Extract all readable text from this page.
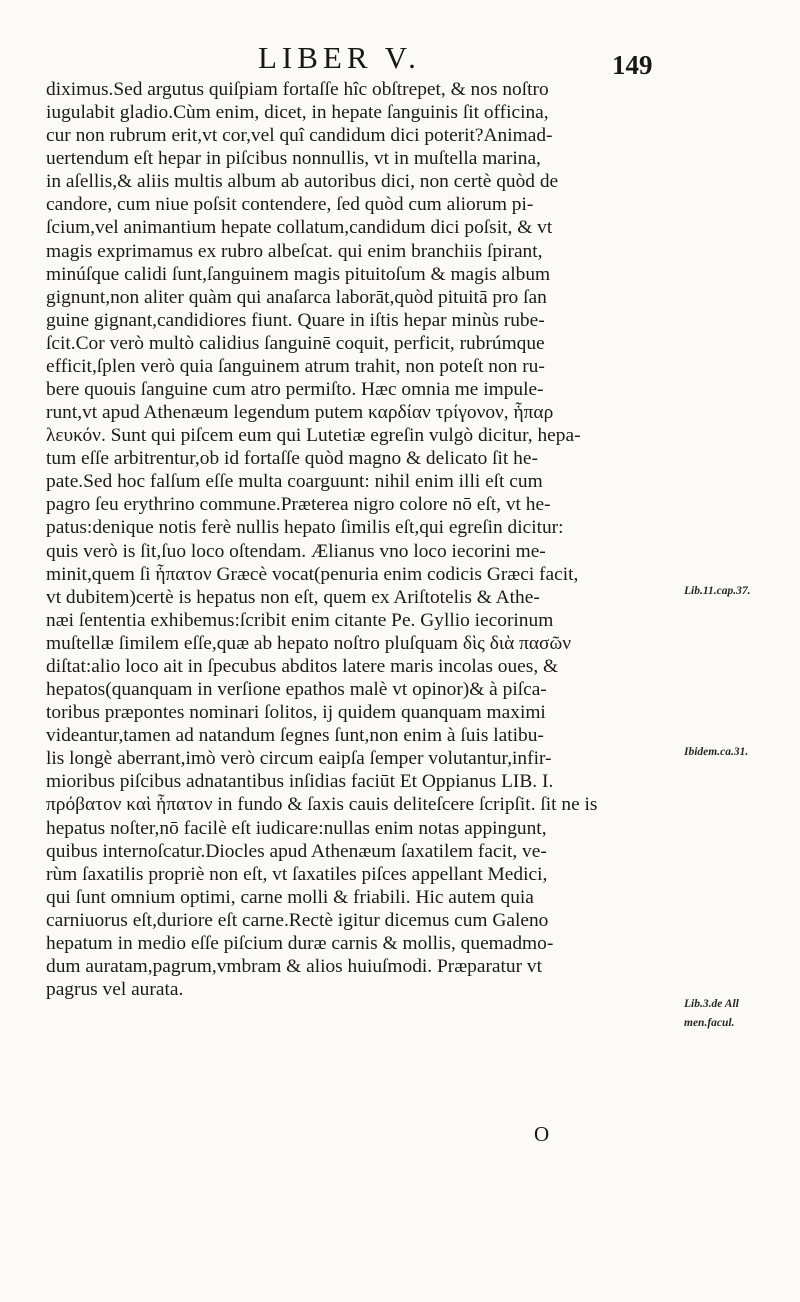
LIBER V.	149
diximus.Sed argutus quiſpiam fortaſſe hîc obſtrepet, & nos noſtro
iugulabit gladio.Cùm enim, dicet, in hepate ſanguinis ſit officina,
cur non rubrum erit,vt cor,vel quî candidum dici poterit?Animad-
uertendum eſt hepar in piſcibus nonnullis, vt in muſtella marina,
in aſellis,& aliis multis album ab autoribus dici, non certè quòd de
candore, cum niue poſsit contendere, ſed quòd cum aliorum pi-
ſcium,vel animantium hepate collatum,candidum dici poſsit, & vt
magis exprimamus ex rubro albeſcat. qui enim branchiis ſpirant,
minúſque calidi ſunt,ſanguinem magis pituitoſum & magis album
gignunt,non aliter quàm qui anaſarca laborāt,quòd pituitā pro ſan
guine gignant,candidiores fiunt. Quare in iſtis hepar minùs rube-
ſcit.Cor verò multò calidius ſanguinē coquit, perficit, rubrúmque
efficit,ſplen verò quia ſanguinem atrum trahit, non poteſt non ru-
bere quouis ſanguine cum atro permiſto. Hæc omnia me impule-
runt,vt apud Athenæum legendum putem καρδίαν τρίγονον, ἧπαρ
λευκόν. Sunt qui piſcem eum qui Lutetiæ egreſin vulgò dicitur, hepa-
tum eſſe arbitrentur,ob id fortaſſe quòd magno & delicato ſit he-
pate.Sed hoc falſum eſſe multa coarguunt: nihil enim illi eſt cum
pagro ſeu erythrino commune.Præterea nigro colore nō eſt, vt he-
patus:denique notis ferè nullis hepato ſimilis eſt,qui egreſin dicitur:
quis verò is ſit,ſuo loco oſtendam. Ælianus vno loco iecorini me-
minit,quem ſi ἧπατον Græcè vocat(penuria enim codicis Græci facit,
vt dubitem)certè is hepatus non eſt, quem ex Ariſtotelis & Athe-
næi ſententia exhibemus:ſcribit enim citante Pe. Gyllio iecorinum
muſtellæ ſimilem eſſe,quæ ab hepato noſtro pluſquam δὶς διὰ πασῶν
diſtat:alio loco ait in ſpecubus abditos latere maris incolas oues, &
hepatos(quanquam in verſione epathos malè vt opinor)& à piſca-
toribus præpontes nominari ſolitos, ij quidem quanquam maximi
videantur,tamen ad natandum ſegnes ſunt,non enim à ſuis latibu-
lis longè aberrant,imò verò circum eaipſa ſemper volutantur,infir-
mioribus piſcibus adnatantibus inſidias faciūt Et Oppianus LIB. I.
πρόβατον καὶ ἧπατον in fundo & ſaxis cauis delitеſcere ſcripſit. ſit ne is
hepatus noſter,nō facilè eſt iudicare:nullas enim notas appingunt,
quibus internoſcatur.Diocles apud Athenæum ſaxatilem facit, ve-
rùm ſaxatilis propriè non eſt, vt ſaxatiles piſces appellant Medici,
qui ſunt omnium optimi, carne molli & friabili. Hic autem quia
carniuorus eſt,duriore eſt carne.Rectè igitur dicemus cum Galeno
hepatum in medio eſſe piſcium duræ carnis & mollis, quemadmo-
dum auratam,pagrum,vmbram & alios huiuſmodi. Præparatur vt
pagrus vel aurata.
Lib.11.cap.37.
Ibidem.ca.31.
Lib.3.de All
men.facul.
O
